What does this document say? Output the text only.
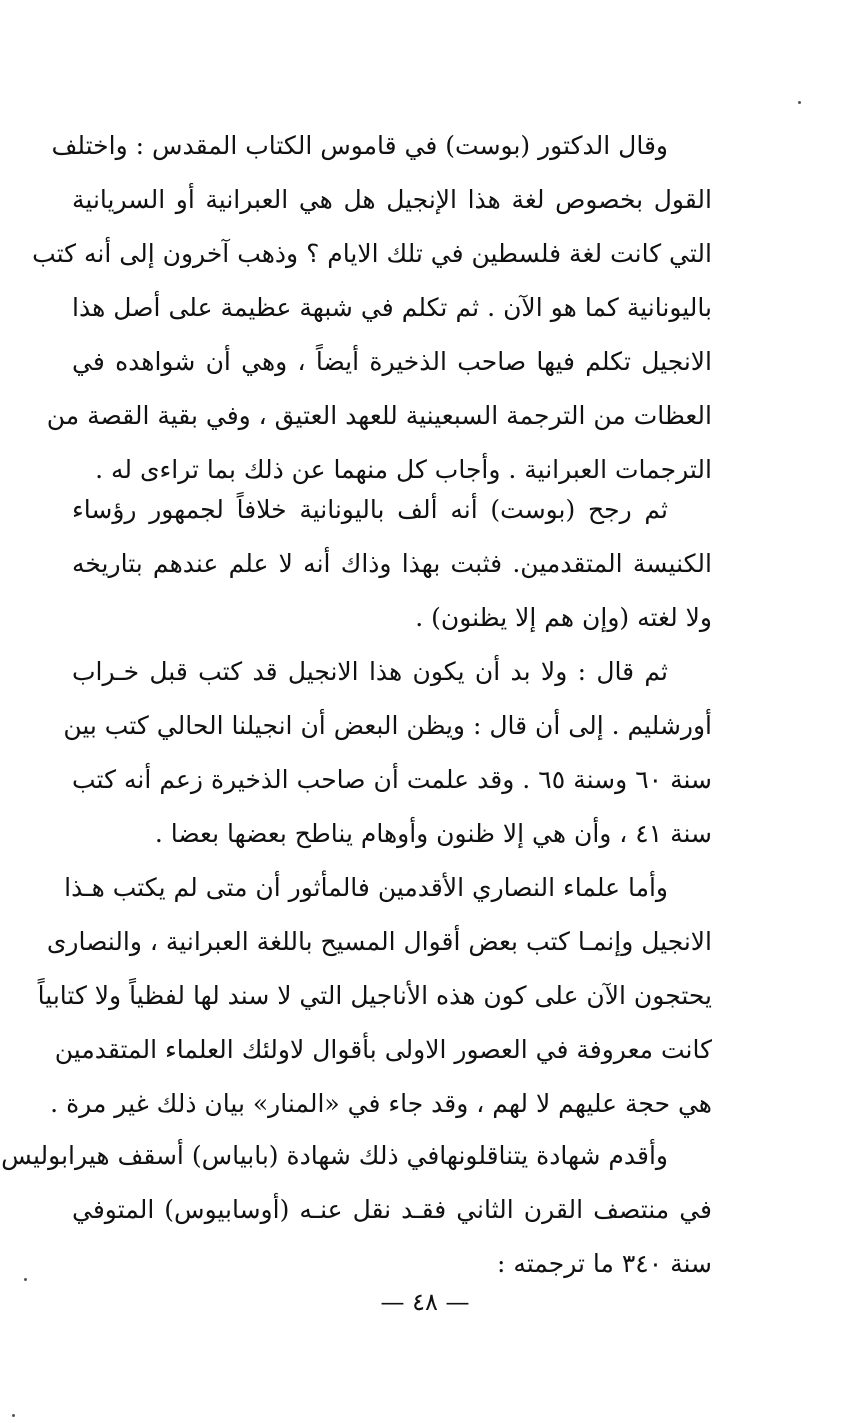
وقال الدكتور (بوست) في قاموس الكتاب المقدس : واختلف
القول بخصوص لغة هذا الإنجيل هل هي العبرانية أو السريانية
التي كانت لغة فلسطين في تلك الايام ؟ وذهب آخرون إلى أنه كتب
باليونانية كما هو الآن . ثم تكلم في شبهة عظيمة على أصل هذا
الانجيل تكلم فيها صاحب الذخيرة أيضاً ، وهي أن شواهده في
العظات من الترجمة السبعينية للعهد العتيق ، وفي بقية القصة من
الترجمات العبرانية . وأجاب كل منهما عن ذلك بما تراءى له .
ثم رجح (بوست) أنه ألف باليونانية خلافاً لجمهور رؤساء
الكنيسة المتقدمين. فثبت بهذا وذاك أنه لا علم عندهم بتاريخه
ولا لغته (وإن هم إلا يظنون) .
ثم قال : ولا بد أن يكون هذا الانجيل قد كتب قبل خـراب
أورشليم . إلى أن قال : ويظن البعض أن انجيلنا الحالي كتب بين
سنة ٦٠ وسنة ٦٥ . وقد علمت أن صاحب الذخيرة زعم أنه كتب
سنة ٤١ ، وأن هي إلا ظنون وأوهام يناطح بعضها بعضا .
وأما علماء النصاري الأقدمين فالمأثور أن متى لم يكتب هـذا
الانجيل وإنمـا كتب بعض أقوال المسيح باللغة العبرانية ، والنصارى
يحتجون الآن على كون هذه الأناجيل التي لا سند لها لفظياً ولا كتابياً
كانت معروفة في العصور الاولى بأقوال لاولئك العلماء المتقدمين
هي حجة عليهم لا لهم ، وقد جاء في «المنار» بيان ذلك غير مرة .
وأقدم شهادة يتناقلونهافي ذلك شهادة (بابياس) أسقف هيرابوليس
في منتصف القرن الثاني فقـد نقل عنـه (أوسابيوس) المتوفي
سنة ٣٤٠ ما ترجمته :
— ٤٨ —
